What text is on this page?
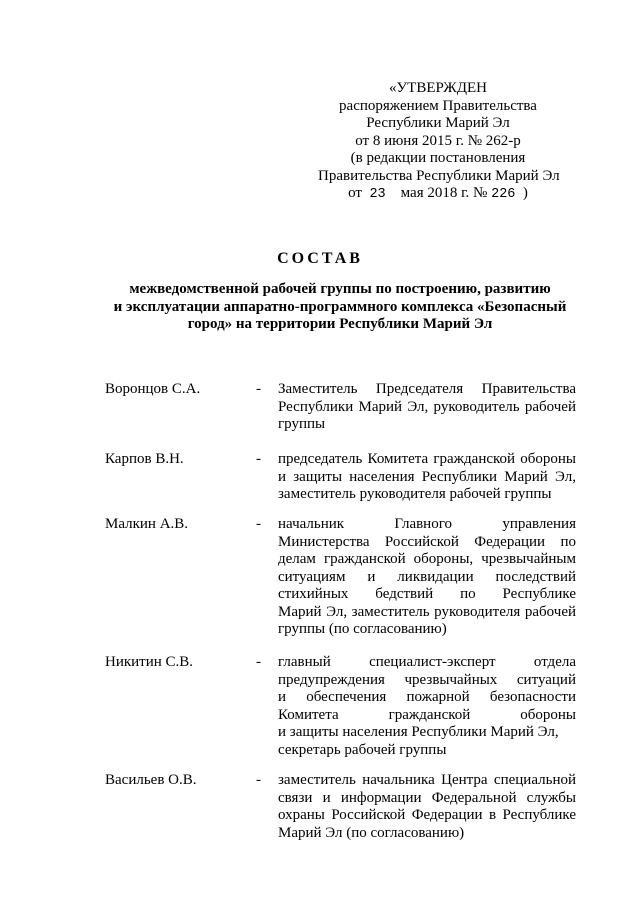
«УТВЕРЖДЕН
распоряжением Правительства
Республики Марий Эл
от 8 июня 2015 г. № 262-р
(в редакции постановления
Правительства Республики Марий Эл
от 23 мая 2018 г. № 226 )
СОСТАВ
межведомственной рабочей группы по построению, развитию
и эксплуатации аппаратно-программного комплекса «Безопасный
город» на территории Республики Марий Эл
Воронцов С.А.	- Заместитель Председателя Правительства
Республики Марий Эл, руководитель рабочей
группы
Карпов В.Н.	- председатель Комитета гражданской обороны
и защиты населения Республики Марий Эл,
заместитель руководителя рабочей группы
Малкин А.В.	- начальник Главного управления
Министерства Российской Федерации по
делам гражданской обороны, чрезвычайным
ситуациям и ликвидации последствий
стихийных бедствий по Республике
Марий Эл, заместитель руководителя рабочей
группы (по согласованию)
Никитин С.В.	- главный специалист-эксперт отдела
предупреждения чрезвычайных ситуаций
и обеспечения пожарной безопасности
Комитета гражданской обороны
и защиты населения Республики Марий Эл,
секретарь рабочей группы
Васильев О.В.	- заместитель начальника Центра специальной
связи и информации Федеральной службы
охраны Российской Федерации в Республике
Марий Эл (по согласованию)
